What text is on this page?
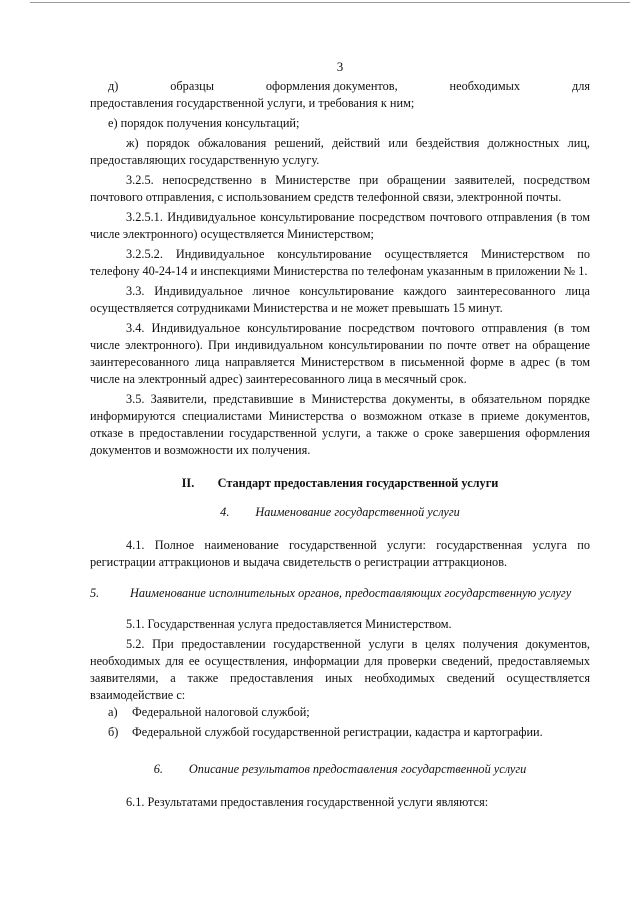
3
д)	образцы	оформления документов,	необходимых	для

предоставления государственной услуги, и требования к ним;

е) порядок получения консультаций;

ж) порядок обжалования решений, действий или бездействия должностных лиц, предоставляющих государственную услугу.

3.2.5. непосредственно в Министерстве при обращении заявителей, посредством почтового отправления, с использованием средств телефонной связи, электронной почты.

3.2.5.1. Индивидуальное консультирование посредством почтового отправления (в том числе электронного) осуществляется Министерством;

3.2.5.2. Индивидуальное консультирование осуществляется Министерством по телефону 40-24-14 и инспекциями Министерства по телефонам указанным в приложении № 1.

3.3. Индивидуальное личное консультирование каждого заинтересованного лица осуществляется сотрудниками Министерства и не может превышать 15 минут.

3.4. Индивидуальное консультирование посредством почтового отправления (в том числе электронного). При индивидуальном консультировании по почте ответ на обращение заинтересованного лица направляется Министерством в письменной форме в адрес (в том числе на электронный адрес) заинтересованного лица в месячный срок.

3.5. Заявители, представившие в Министерства документы, в обязательном порядке информируются специалистами Министерства о возможном отказе в приеме документов, отказе в предоставлении государственной услуги, а также о сроке завершения оформления документов и возможности их получения.

II. Стандарт предоставления государственной услуги
4. Наименование государственной услуги

4.1. Полное наименование государственной услуги: государственная услуга по регистрации аттракционов и выдача свидетельств о регистрации аттракционов.

5.	Наименование исполнительных органов, предоставляющих государственную услугу

5.1. Государственная услуга предоставляется Министерством.

5.2. При предоставлении государственной услуги в целях получения документов, необходимых для ее осуществления, информации для проверки сведений, предоставляемых заявителями, а также предоставления иных необходимых сведений осуществляется взаимодействие с:

а) Федеральной налоговой службой;
б) Федеральной службой государственной регистрации, кадастра и картографии.
6. Описание результатов предоставления государственной услуги

6.1. Результатами предоставления государственной услуги являются:
